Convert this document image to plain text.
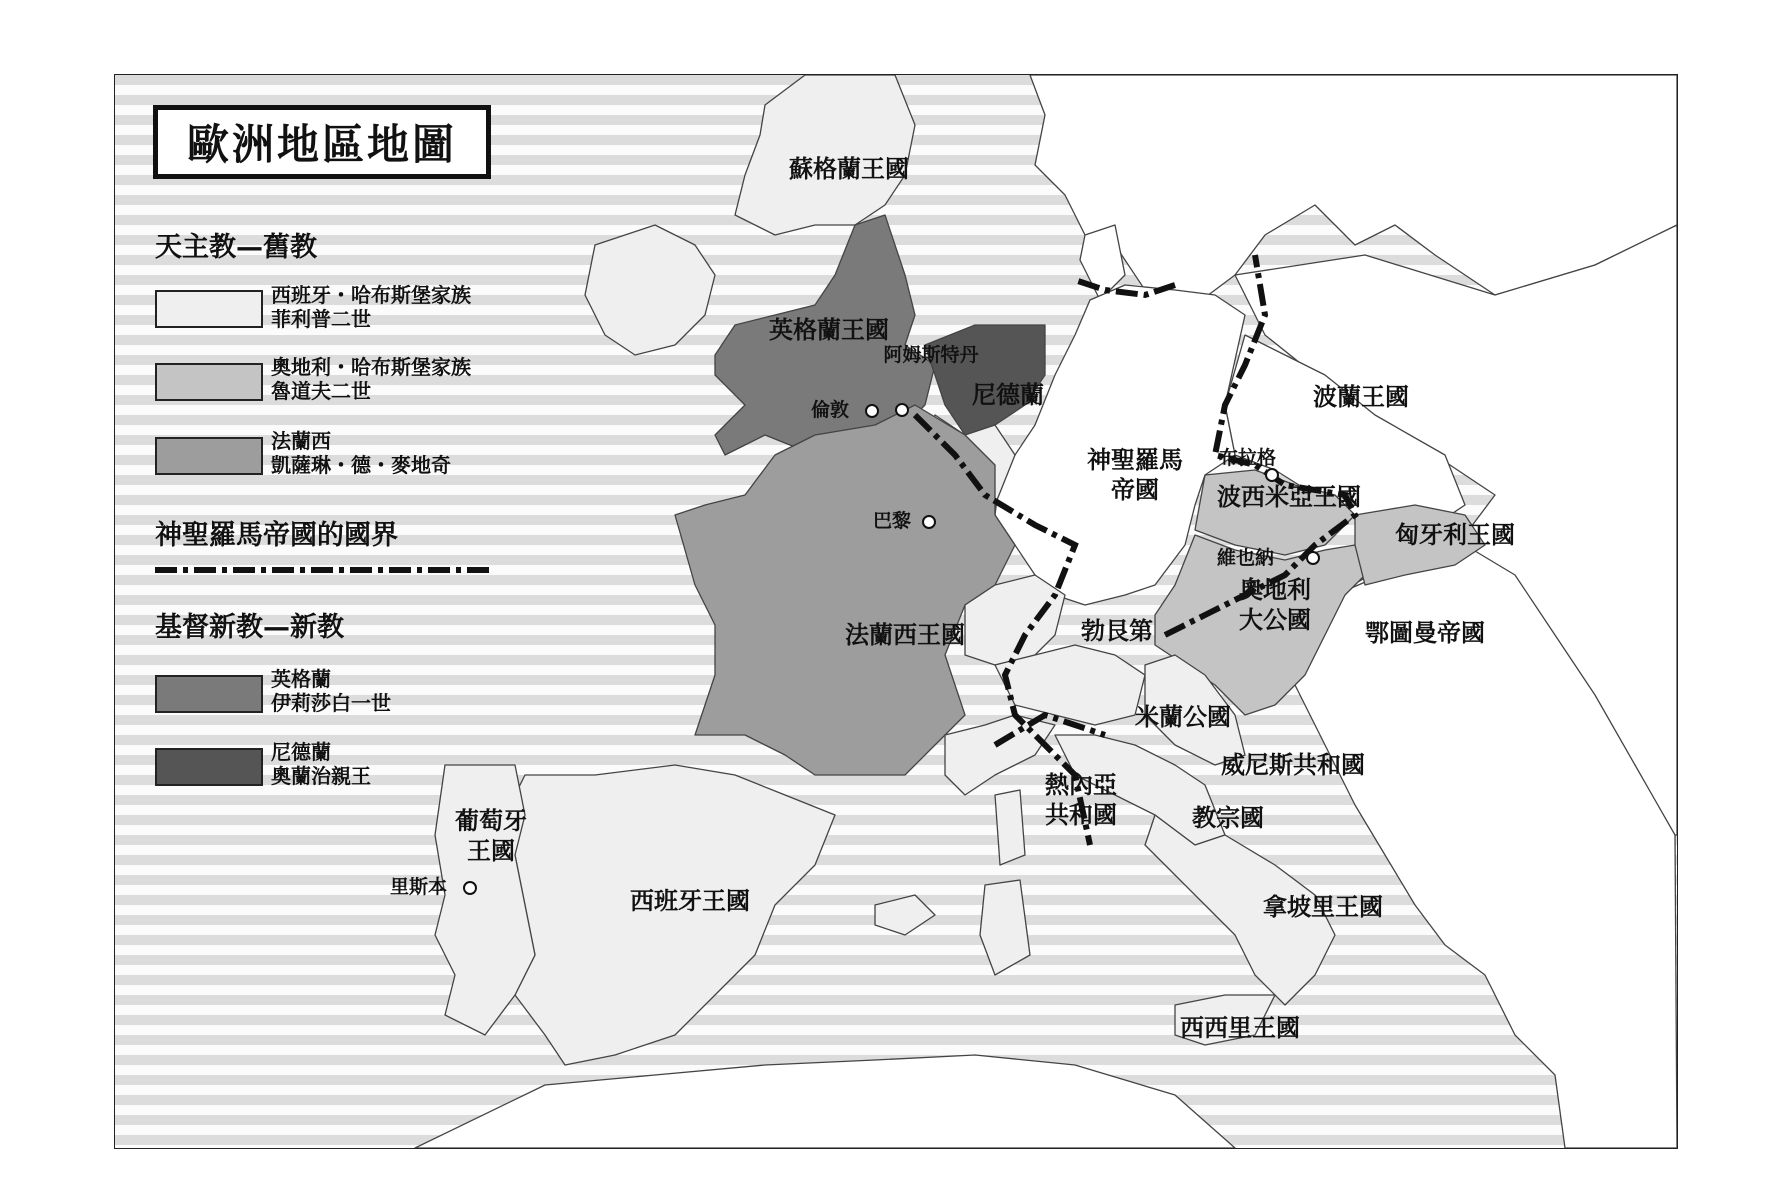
歐洲地區地圖
天主教—舊教
西班牙・哈布斯堡家族
菲利普二世
奧地利・哈布斯堡家族
魯道夫二世
法蘭西
凱薩琳・德・麥地奇
神聖羅馬帝國的國界
基督新教—新教
英格蘭
伊莉莎白一世
尼德蘭
奧蘭治親王
蘇格蘭王國
英格蘭王國
尼德蘭
神聖羅馬
帝國
波蘭王國
波西米亞王國
匈牙利王國
奧地利
大公國 鄂圖曼帝國
法蘭西王國	勃艮第
米蘭公國
威尼斯共和國
熱內亞
共和國	教宗國
拿坡里王國
西西里王國
西班牙王國
葡萄牙
王國
阿姆斯特丹
倫敦
巴黎
布拉格
維也納
里斯本
